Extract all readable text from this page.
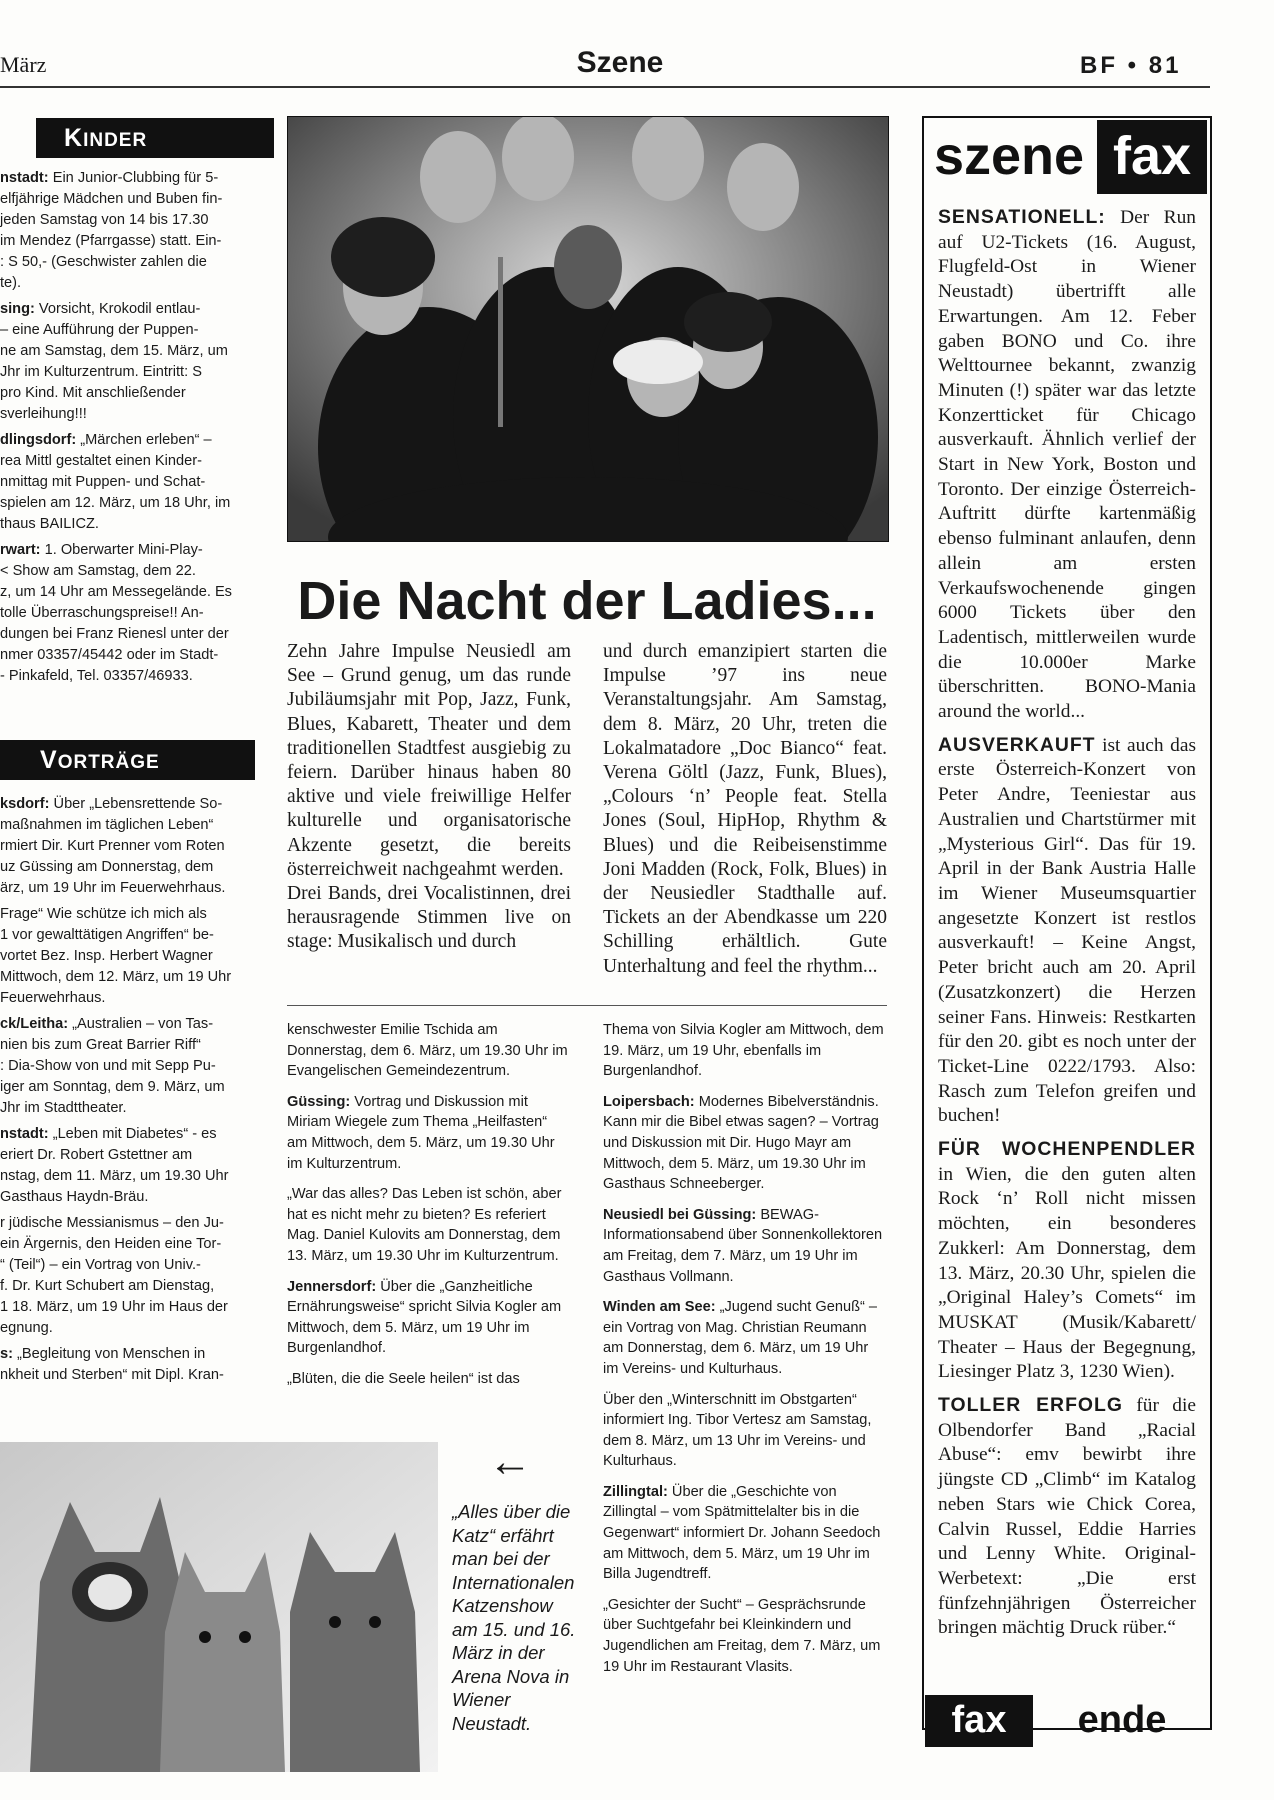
März	Szene	BF • 81
KINDER

nstadt: Ein Junior-Clubbing für 5-
elfjährige Mädchen und Buben fin-
jeden Samstag von 14 bis 17.30
im Mendez (Pfarrgasse) statt. Ein-
: S 50,- (Geschwister zahlen die
te).

sing: Vorsicht, Krokodil entlau-
– eine Aufführung der Puppen-
ne am Samstag, dem 15. März, um
Jhr im Kulturzentrum. Eintritt: S
pro Kind. Mit anschließender
sverleihung!!!

dlingsdorf: „Märchen erleben“ –
rea Mittl gestaltet einen Kinder-
nmittag mit Puppen- und Schat-
spielen am 12. März, um 18 Uhr, im
thaus BAILICZ.

rwart: 1. Oberwarter Mini-Play-
< Show am Samstag, dem 22.
z, um 14 Uhr am Messegelände. Es
tolle Überraschungspreise!! An-
dungen bei Franz Rienesl unter der
nmer 03357/45442 oder im Stadt-
- Pinkafeld, Tel. 03357/46933.

VORTRÄGE

ksdorf: Über „Lebensrettende So-
maßnahmen im täglichen Leben“
rmiert Dir. Kurt Prenner vom Roten
uz Güssing am Donnerstag, dem
ärz, um 19 Uhr im Feuerwehrhaus.

Frage“ Wie schütze ich mich als
1 vor gewalttätigen Angriffen“ be-
vortet Bez. Insp. Herbert Wagner
Mittwoch, dem 12. März, um 19 Uhr
Feuerwehrhaus.

ck/Leitha: „Australien – von Tas-
nien bis zum Great Barrier Riff“
: Dia-Show von und mit Sepp Pu-
iger am Sonntag, dem 9. März, um
Jhr im Stadttheater.

nstadt: „Leben mit Diabetes“ - es
eriert Dr. Robert Gstettner am
nstag, dem 11. März, um 19.30 Uhr
Gasthaus Haydn-Bräu.

r jüdische Messianismus – den Ju-
ein Ärgernis, den Heiden eine Tor-
“ (Teil“) – ein Vortrag von Univ.-
f. Dr. Kurt Schubert am Dienstag,
1 18. März, um 19 Uhr im Haus der
egnung.

s: „Begleitung von Menschen in
nkheit und Sterben“ mit Dipl. Kran-

Die Nacht der Ladies...

Zehn Jahre Impulse Neusiedl am See – Grund genug, um das runde Jubiläumsjahr mit Pop, Jazz, Funk, Blues, Kabarett, Theater und dem traditionellen Stadtfest ausgiebig zu feiern. Darüber hinaus haben 80 aktive und viele freiwillige Helfer kulturelle und organisatorische Akzente gesetzt, die bereits österreichweit nachgeahmt werden.

Drei Bands, drei Vocalistinnen, drei herausragende Stimmen live on stage: Musikalisch und durch

und durch emanzipiert starten die Impulse ’97 ins neue Veranstaltungsjahr. Am Samstag, dem 8. März, 20 Uhr, treten die Lokalmatadore „Doc Bianco“ feat. Verena Göltl (Jazz, Funk, Blues), „Colours ‘n’ People feat. Stella Jones (Soul, HipHop, Rhythm & Blues) und die Reibeisenstimme Joni Madden (Rock, Folk, Blues) in der Neusiedler Stadthalle auf. Tickets an der Abendkasse um 220 Schilling erhältlich. Gute Unterhaltung and feel the rhythm...

kenschwester Emilie Tschida am Donnerstag, dem 6. März, um 19.30 Uhr im Evangelischen Gemeindezentrum.

Güssing: Vortrag und Diskussion mit Miriam Wiegele zum Thema „Heilfasten“ am Mittwoch, dem 5. März, um 19.30 Uhr im Kulturzentrum.

„War das alles? Das Leben ist schön, aber hat es nicht mehr zu bieten? Es referiert Mag. Daniel Kulovits am Donnerstag, dem 13. März, um 19.30 Uhr im Kulturzentrum.

Jennersdorf: Über die „Ganzheitliche Ernährungsweise“ spricht Silvia Kogler am Mittwoch, dem 5. März, um 19 Uhr im Burgenlandhof.

„Blüten, die die Seele heilen“ ist das

Thema von Silvia Kogler am Mittwoch, dem 19. März, um 19 Uhr, ebenfalls im Burgenlandhof.

Loipersbach: Modernes Bibelverständnis. Kann mir die Bibel etwas sagen? – Vortrag und Diskussion mit Dir. Hugo Mayr am Mittwoch, dem 5. März, um 19.30 Uhr im Gasthaus Schneeberger.

Neusiedl bei Güssing: BEWAG-Informationsabend über Sonnenkollektoren am Freitag, dem 7. März, um 19 Uhr im Gasthaus Vollmann.

Winden am See: „Jugend sucht Genuß“ – ein Vortrag von Mag. Christian Reumann am Donnerstag, dem 6. März, um 19 Uhr im Vereins- und Kulturhaus.

Über den „Winterschnitt im Obstgarten“ informiert Ing. Tibor Vertesz am Samstag, dem 8. März, um 13 Uhr im Vereins- und Kulturhaus.

Zillingtal: Über die „Geschichte von Zillingtal – vom Spätmittelalter bis in die Gegenwart“ informiert Dr. Johann Seedoch am Mittwoch, dem 5. März, um 19 Uhr im Billa Jugendtreff.

„Gesichter der Sucht“ – Gesprächsrunde über Suchtgefahr bei Kleinkindern und Jugendlichen am Freitag, dem 7. März, um 19 Uhr im Restaurant Vlasits.

←
„Alles über die Katz“ erfährt man bei der Internationalen Katzenshow am 15. und 16. März in der Arena Nova in Wiener Neustadt.
szene fax

SENSATIONELL: Der Run auf U2-Tickets (16. August, Flugfeld-Ost in Wiener Neustadt) übertrifft alle Erwartungen. Am 12. Feber gaben BONO und Co. ihre Welttournee bekannt, zwanzig Minuten (!) später war das letzte Konzertticket für Chicago ausverkauft. Ähnlich verlief der Start in New York, Boston und Toronto. Der einzige Österreich-Auftritt dürfte kartenmäßig ebenso fulminant anlaufen, denn allein am ersten Verkaufswochenende gingen 6000 Tickets über den Ladentisch, mittlerweilen wurde die 10.000er Marke überschritten. BONO-Mania around the world...

AUSVERKAUFT ist auch das erste Österreich-Konzert von Peter Andre, Teeniestar aus Australien und Chartstürmer mit „Mysterious Girl“. Das für 19. April in der Bank Austria Halle im Wiener Museumsquartier angesetzte Konzert ist restlos ausverkauft! – Keine Angst, Peter bricht auch am 20. April (Zusatzkonzert) die Herzen seiner Fans. Hinweis: Restkarten für den 20. gibt es noch unter der Ticket-Line 0222/1793. Also: Rasch zum Telefon greifen und buchen!

FÜR WOCHENPENDLER in Wien, die den guten alten Rock ‘n’ Roll nicht missen möchten, ein besonderes Zukkerl: Am Donnerstag, dem 13. März, 20.30 Uhr, spielen die „Original Haley’s Comets“ im MUSKAT (Musik/Kabarett/ Theater – Haus der Begegnung, Liesinger Platz 3, 1230 Wien).

TOLLER ERFOLG für die Olbendorfer Band „Racial Abuse“: emv bewirbt ihre jüngste CD „Climb“ im Katalog neben Stars wie Chick Corea, Calvin Russel, Eddie Harries und Lenny White. Original-Werbetext: „Die erst fünfzehnjährigen Österreicher bringen mächtig Druck rüber.“

fax	ende
